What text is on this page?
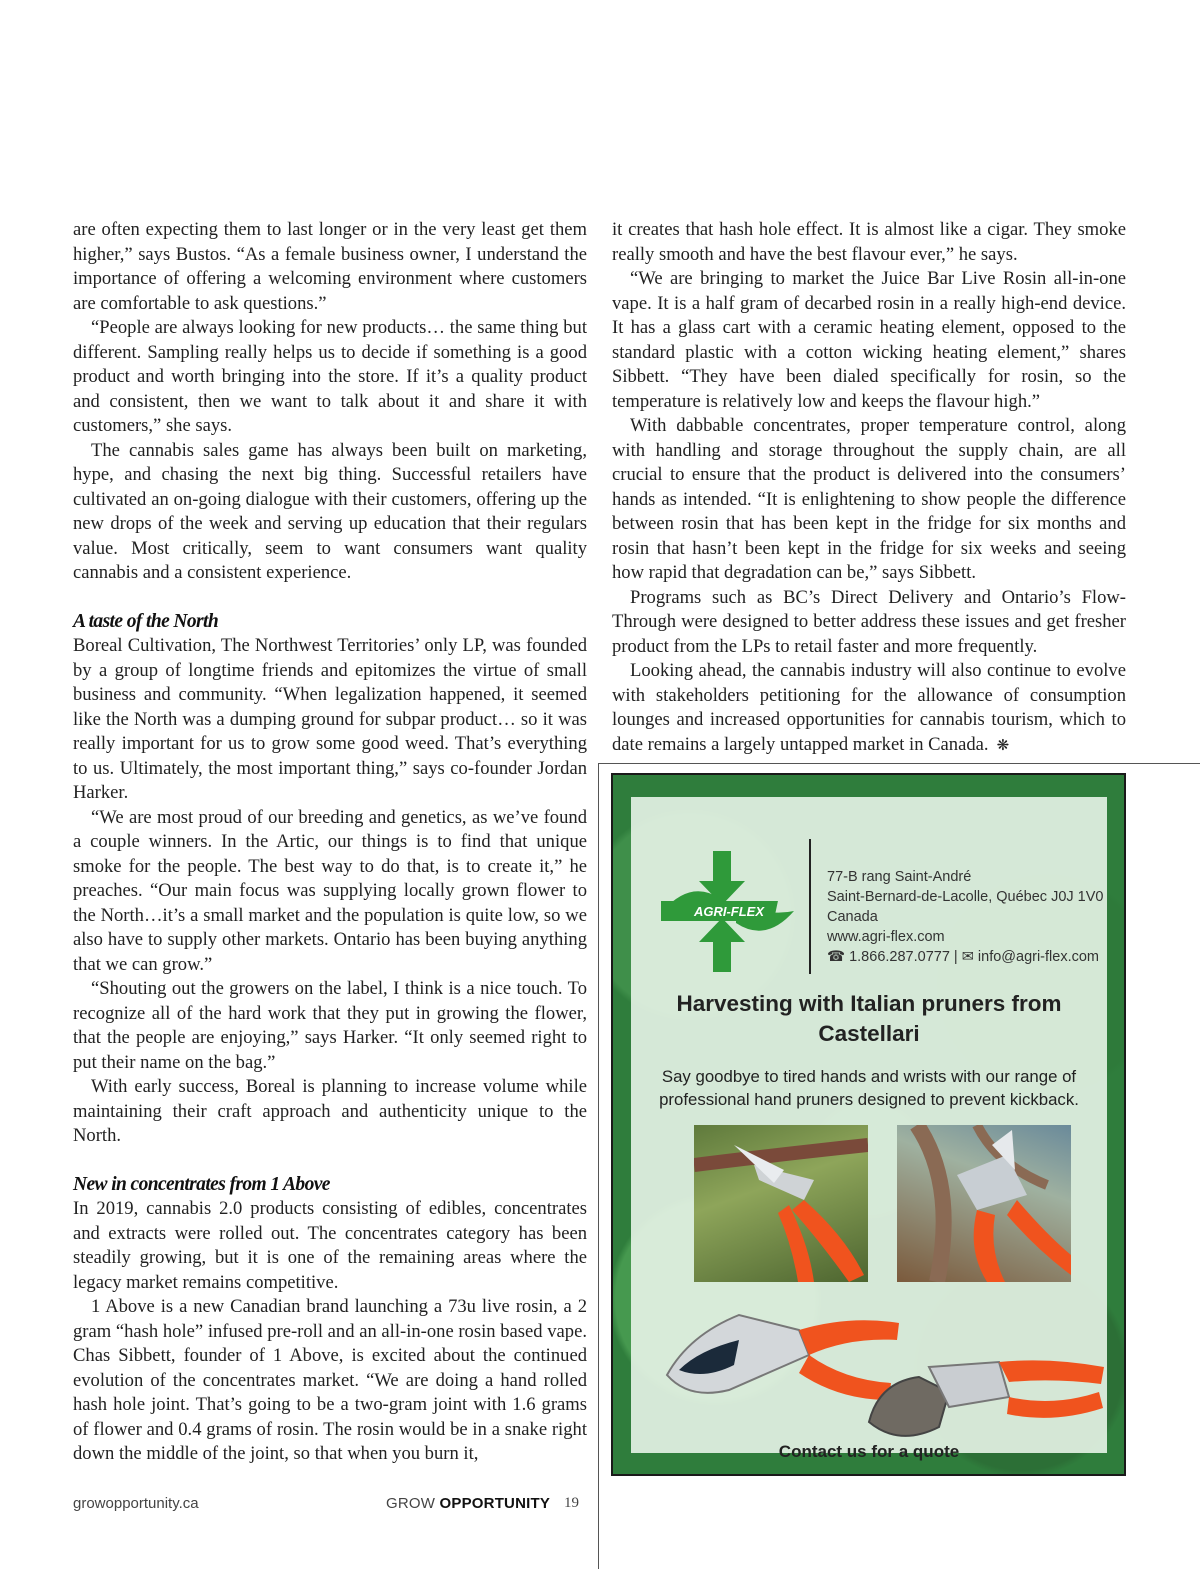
are often expecting them to last longer or in the very least get them higher,” says Bustos. “As a female business owner, I understand the importance of offering a welcoming environment where customers are comfortable to ask questions.”

“People are always looking for new products… the same thing but different. Sampling really helps us to decide if something is a good product and worth bringing into the store. If it’s a quality product and consistent, then we want to talk about it and share it with customers,” she says.

The cannabis sales game has always been built on marketing, hype, and chasing the next big thing. Successful retailers have cultivated an on-going dialogue with their customers, offering up the new drops of the week and serving up education that their regulars value. Most critically, seem to want consumers want quality cannabis and a consistent experience.

A taste of the North

Boreal Cultivation, The Northwest Territories’ only LP, was founded by a group of longtime friends and epitomizes the virtue of small business and community. “When legalization happened, it seemed like the North was a dumping ground for subpar product… so it was really important for us to grow some good weed. That’s everything to us. Ultimately, the most important thing,” says co-founder Jordan Harker.

“We are most proud of our breeding and genetics, as we’ve found a couple winners. In the Artic, our things is to find that unique smoke for the people. The best way to do that, is to create it,” he preaches. “Our main focus was supplying locally grown flower to the North…it’s a small market and the population is quite low, so we also have to supply other markets. Ontario has been buying anything that we can grow.”

“Shouting out the growers on the label, I think is a nice touch. To recognize all of the hard work that they put in growing the flower, that the people are enjoying,” says Harker. “It only seemed right to put their name on the bag.”

With early success, Boreal is planning to increase volume while maintaining their craft approach and authenticity unique to the North.

New in concentrates from 1 Above

In 2019, cannabis 2.0 products consisting of edibles, concentrates and extracts were rolled out. The concentrates category has been steadily growing, but it is one of the remaining areas where the legacy market remains competitive.

1 Above is a new Canadian brand launching a 73u live rosin, a 2 gram “hash hole” infused pre-roll and an all-in-one rosin based vape. Chas Sibbett, founder of 1 Above, is excited about the continued evolution of the concentrates market. “We are doing a hand rolled hash hole joint. That’s going to be a two-gram joint with 1.6 grams of flower and 0.4 grams of rosin. The rosin would be in a snake right down the middle of the joint, so that when you burn it,

it creates that hash hole effect. It is almost like a cigar. They smoke really smooth and have the best flavour ever,” he says.

“We are bringing to market the Juice Bar Live Rosin all-in-one vape. It is a half gram of decarbed rosin in a really high-end device. It has a glass cart with a ceramic heating element, opposed to the standard plastic with a cotton wicking heating element,” shares Sibbett. “They have been dialed specifically for rosin, so the temperature is relatively low and keeps the flavour high.”

With dabbable concentrates, proper temperature control, along with handling and storage throughout the supply chain, are all crucial to ensure that the product is delivered into the consumers’ hands as intended. “It is enlightening to show people the difference between rosin that has been kept in the fridge for six months and rosin that hasn’t been kept in the fridge for six weeks and seeing how rapid that degradation can be,” says Sibbett.

Programs such as BC’s Direct Delivery and Ontario’s Flow-Through were designed to better address these issues and get fresher product from the LPs to retail faster and more frequently.

Looking ahead, the cannabis industry will also continue to evolve with stakeholders petitioning for the allowance of consumption lounges and increased opportunities for cannabis tourism, which to date remains a largely untapped market in Canada. ❋

AGRI-FLEX
77-B rang Saint-André
Saint-Bernard-de-Lacolle, Québec J0J 1V0
Canada
www.agri-flex.com
☎ 1.866.287.0777 | ✉ info@agri-flex.com
Harvesting with Italian pruners from
Castellari
Say goodbye to tired hands and wrists with our range of
professional hand pruners designed to prevent kickback.
Contact us for a quote
growopportunity.ca	GROW OPPORTUNITY 19
